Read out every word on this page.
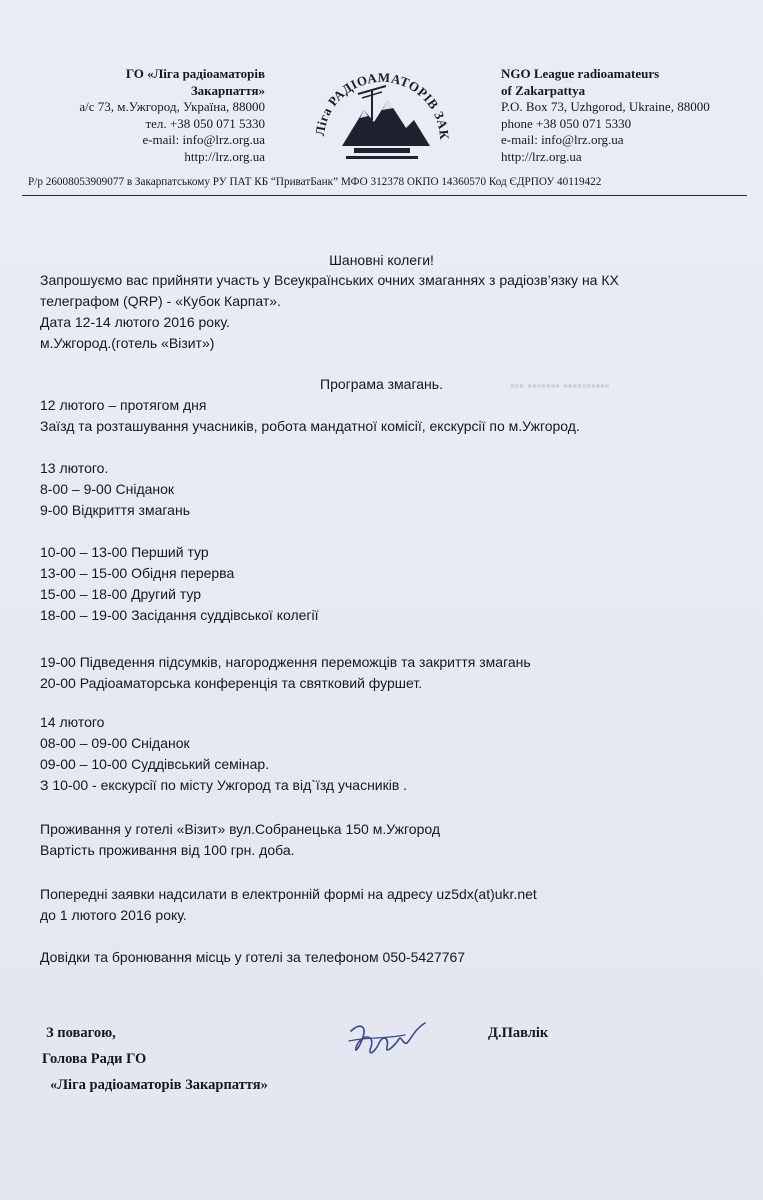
ГО «Ліга радіоаматорів
Закарпаття»
а/с 73, м.Ужгород, Україна, 88000
тел. +38 050 071 5330
e-mail: info@lrz.org.ua
http://lrz.org.ua
Ліга РАДІОАМАТОРІВ ЗАК
NGO League radioamateurs
of Zakarpattya
P.O. Box 73, Uzhgorod, Ukraine, 88000
phone +38 050 071 5330
e-mail: info@lrz.org.ua
http://lrz.org.ua
Р/р 26008053909077 в Закарпатському РУ ПАТ КБ “ПриватБанк” МФО 312378 ОКПО 14360570 Код ЄДРПОУ 40119422
▪▪▪ ▪▪▪▪▪▪▪ ▪▪▪▪▪▪▪▪▪▪
Шановні колеги!
Запрошуємо вас прийняти участь у Всеукраїнських очних змаганнях з радіозв’язку на КХ
телеграфом (QRP) - «Кубок Карпат».
Дата 12-14 лютого 2016 року.
м.Ужгород.(готель «Візит»)
Програма змагань.
12 лютого – протягом дня
Заїзд та розташування учасників, робота мандатної комісії, екскурсії по м.Ужгород.
13 лютого.
8-00 – 9-00 Сніданок
9-00 Відкриття змагань
10-00 – 13-00 Перший тур
13-00 – 15-00 Обідня перерва
15-00 – 18-00 Другий тур
18-00 – 19-00 Засідання суддівської колегії
19-00 Підведення підсумків, нагородження переможців та закриття змагань
20-00 Радіоаматорська конференція та святковий фуршет.
14 лютого
08-00 – 09-00 Сніданок
09-00 – 10-00 Суддівський семінар.
З 10-00 - екскурсії по місту Ужгород та від`їзд учасників .
Проживання у готелі «Візит» вул.Собранецька 150 м.Ужгород
Вартість проживання від 100 грн. доба.
Попередні заявки надсилати в електронній формі на адресу uz5dx(at)ukr.net
до 1 лютого 2016 року.
Довідки та бронювання місць у готелі за телефоном 050-5427767
З повагою,
Голова Ради ГО
«Ліга радіоаматорів Закарпаття»
Д.Павлік
